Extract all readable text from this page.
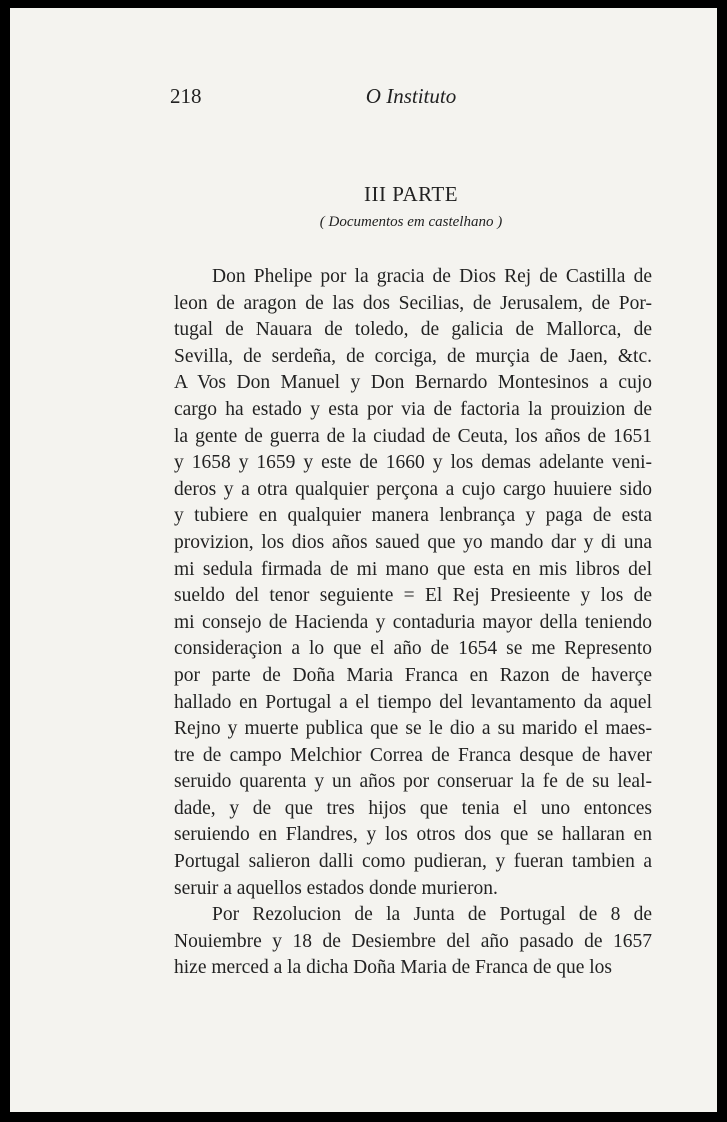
218	O Instituto
III PARTE
( Documentos em castelhano )
Don Phelipe por la gracia de Dios Rej de Castilla de
leon de aragon de las dos Secilias, de Jerusalem, de Por-
tugal de Nauara de toledo, de galicia de Mallorca, de
Sevilla, de serdeña, de corciga, de murçia de Jaen, &tc.
A Vos Don Manuel y Don Bernardo Montesinos a cujo
cargo ha estado y esta por via de factoria la prouizion de
la gente de guerra de la ciudad de Ceuta, los años de 1651
y 1658 y 1659 y este de 1660 y los demas adelante veni-
deros y a otra qualquier perçona a cujo cargo huuiere sido
y tubiere en qualquier manera lenbrança y paga de esta
provizion, los dios años saued que yo mando dar y di una
mi sedula firmada de mi mano que esta en mis libros del
sueldo del tenor seguiente = El Rej Presieente y los de
mi consejo de Hacienda y contaduria mayor della teniendo
consideraçion a lo que el año de 1654 se me Represento
por parte de Doña Maria Franca en Razon de haverçe
hallado en Portugal a el tiempo del levantamento da aquel
Rejno y muerte publica que se le dio a su marido el maes-
tre de campo Melchior Correa de Franca desque de haver
seruido quarenta y un años por conseruar la fe de su leal-
dade, y de que tres hijos que tenia el uno entonces
seruiendo en Flandres, y los otros dos que se hallaran en
Portugal salieron dalli como pudieran, y fueran tambien a
seruir a aquellos estados donde murieron.
Por Rezolucion de la Junta de Portugal de 8 de
Nouiembre y 18 de Desiembre del año pasado de 1657
hize merced a la dicha Doña Maria de Franca de que los
